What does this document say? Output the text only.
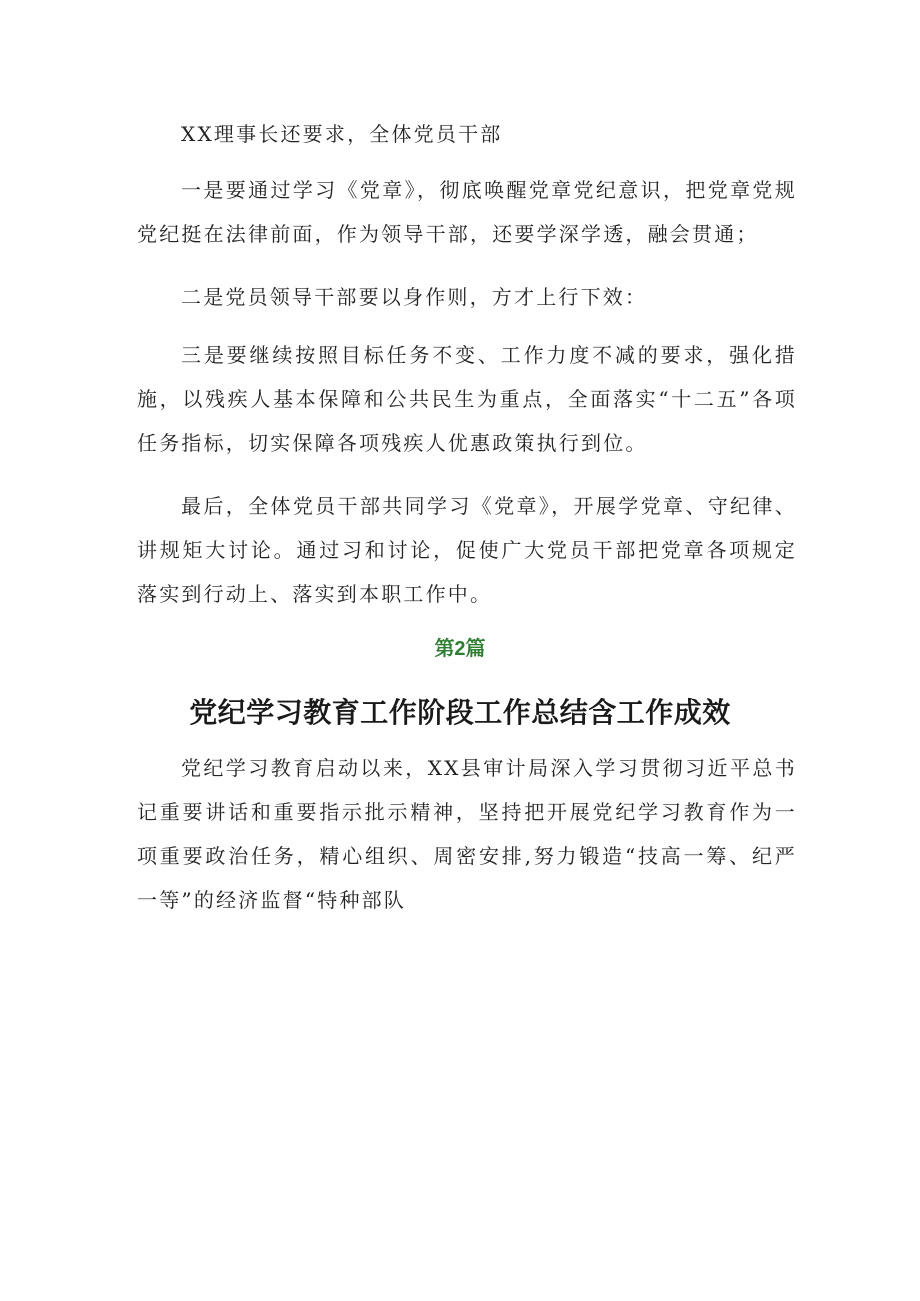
XX理事长还要求，全体党员干部

一是要通过学习《党章》，彻底唤醒党章党纪意识，把党章党规党纪挺在法律前面，作为领导干部，还要学深学透，融会贯通；

二是党员领导干部要以身作则，方才上行下效：

三是要继续按照目标任务不变、工作力度不减的要求，强化措施，以残疾人基本保障和公共民生为重点，全面落实“十二五”各项任务指标，切实保障各项残疾人优惠政策执行到位。

最后，全体党员干部共同学习《党章》，开展学党章、守纪律、讲规矩大讨论。通过习和讨论，促使广大党员干部把党章各项规定落实到行动上、落实到本职工作中。

第2篇
党纪学习教育工作阶段工作总结含工作成效

党纪学习教育启动以来，XX县审计局深入学习贯彻习近平总书记重要讲话和重要指示批示精神，坚持把开展党纪学习教育作为一项重要政治任务，精心组织、周密安排,努力锻造“技高一筹、纪严一等”的经济监督“特种部队
